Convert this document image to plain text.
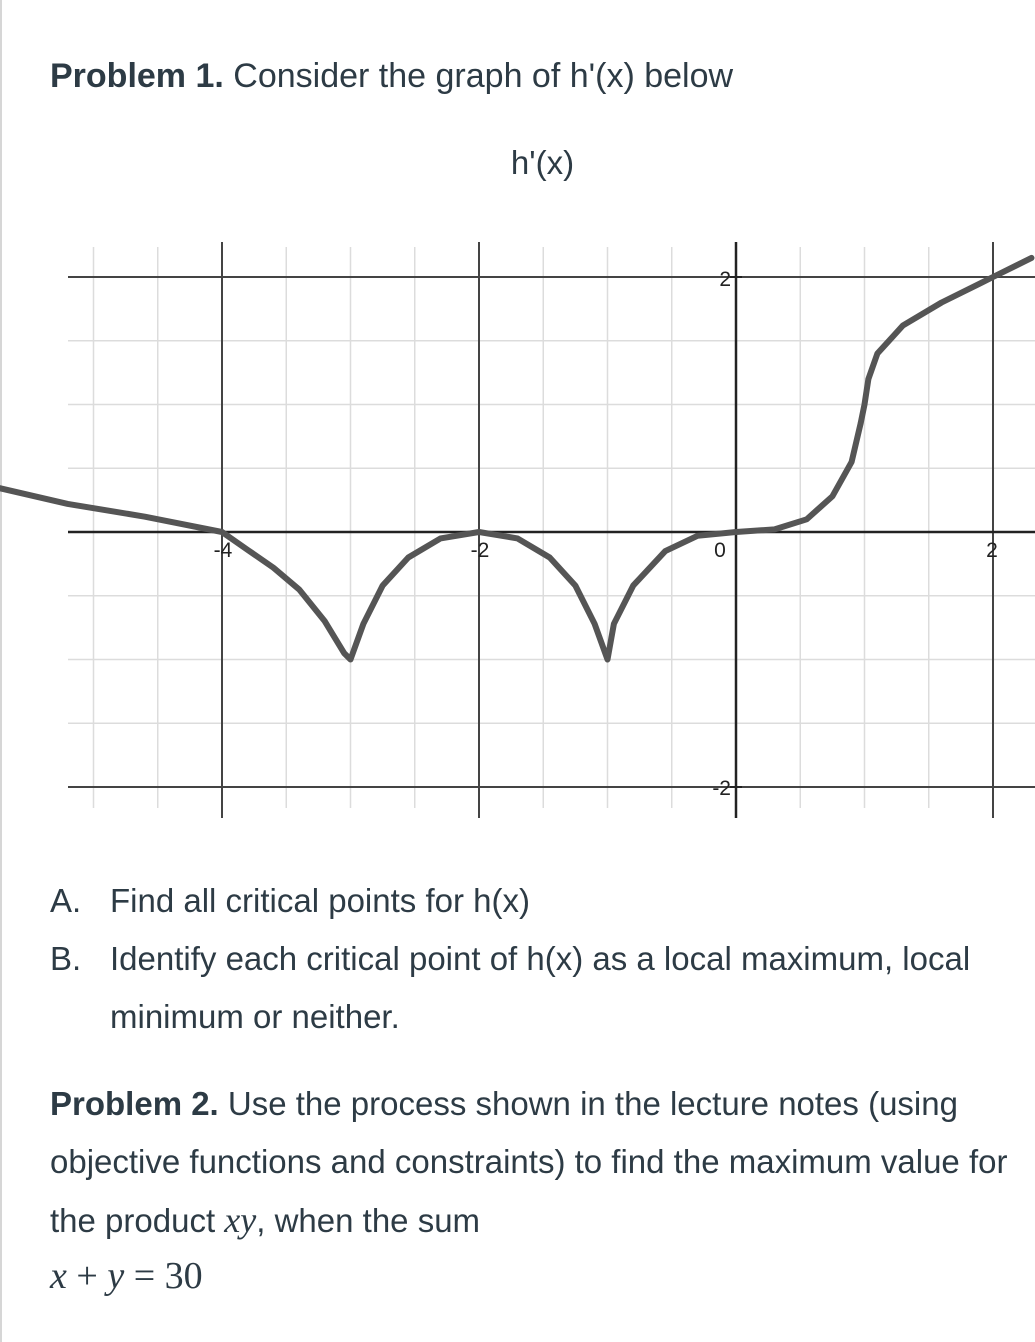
Problem 1. Consider the graph of h'(x) below
h'(x)
-4	-2	0	2
2
-2
A. Find all critical points for h(x)
B. Identify each critical point of h(x) as a local maximum, local minimum or neither.
Problem 2. Use the process shown in the lecture notes (using objective functions and constraints) to find the maximum value for the product xy, when the sum
x + y = 30
